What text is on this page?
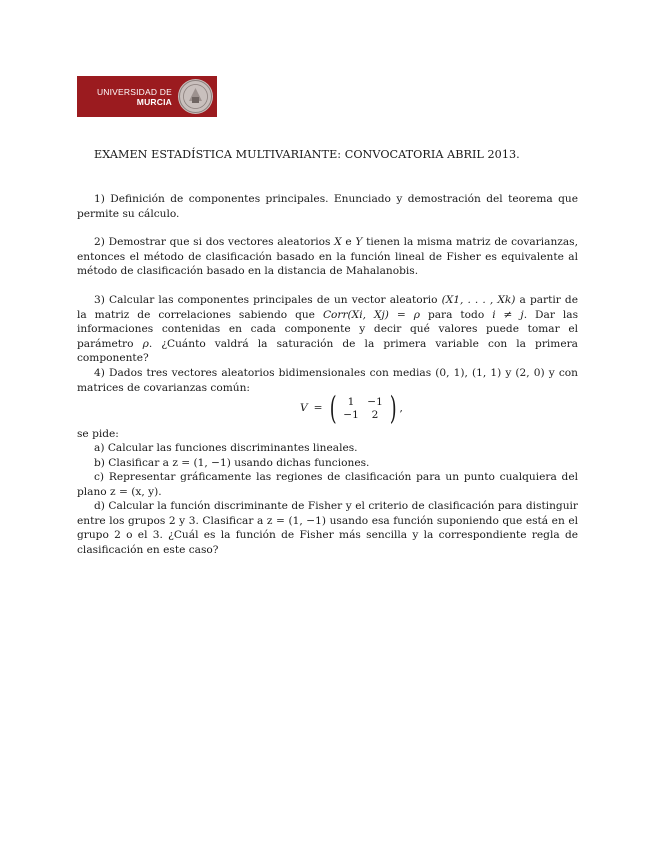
UNIVERSIDAD DE
MURCIA
EXAMEN ESTADÍSTICA MULTIVARIANTE: CONVOCATORIA ABRIL 2013.
1) Definición de componentes principales. Enunciado y demostración del teorema que permite su cálculo.
2) Demostrar que si dos vectores aleatorios X e Y tienen la misma matriz de covarianzas, entonces el método de clasificación basado en la función lineal de Fisher es equivalente al método de clasificación basado en la distancia de Mahalanobis.
3) Calcular las componentes principales de un vector aleatorio (X1, . . . , Xk) a partir de la matriz de correlaciones sabiendo que Corr(Xi, Xj) = ρ para todo i ≠ j. Dar las informaciones contenidas en cada componente y decir qué valores puede tomar el parámetro ρ. ¿Cuánto valdrá la saturación de la primera variable con la primera componente?
4) Dados tres vectores aleatorios bidimensionales con medias (0, 1), (1, 1) y (2, 0) y con matrices de covarianzas común:
V = (	1	−1
−1	2 ) ,
se pide:
a) Calcular las funciones discriminantes lineales.
b) Clasificar a z = (1, −1) usando dichas funciones.
c) Representar gráficamente las regiones de clasificación para un punto cualquiera del plano z = (x, y).
d) Calcular la función discriminante de Fisher y el criterio de clasificación para distinguir entre los grupos 2 y 3. Clasificar a z = (1, −1) usando esa función suponiendo que está en el grupo 2 o el 3. ¿Cuál es la función de Fisher más sencilla y la correspondiente regla de clasificación en este caso?
